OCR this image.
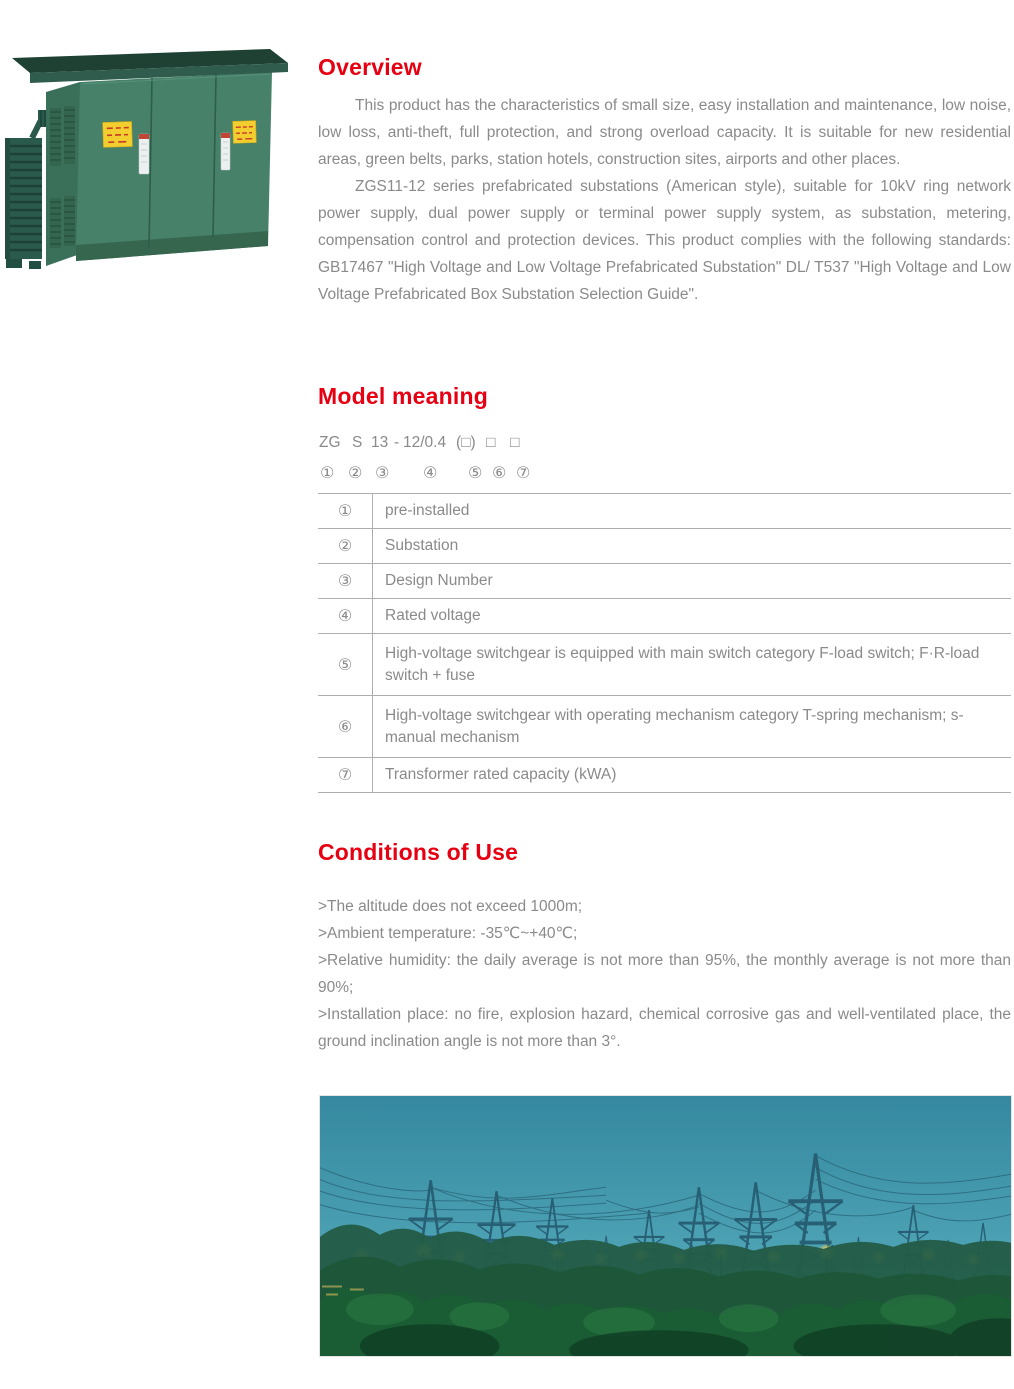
Overview

This product has the characteristics of small size, easy installation and maintenance, low noise, low loss, anti-theft, full protection, and strong overload capacity. It is suitable for new residential areas, green belts, parks, station hotels, construction sites, airports and other places.

ZGS11-12 series prefabricated substations (American style), suitable for 10kV ring network power supply, dual power supply or terminal power supply system, as substation, metering, compensation control and protection devices. This product complies with the following standards: GB17467 "High Voltage and Low Voltage Prefabricated Substation" DL/ T537 "High Voltage and Low Voltage Prefabricated Box Substation Selection Guide".

Model meaning
ZG S 13 - 12/0.4 (□) □ □
① ② ③ ④ ⑤ ⑥ ⑦
①	pre-installed
②	Substation
③	Design Number
④	Rated voltage
⑤	High-voltage switchgear is equipped with main switch category F-load switch; F·R-load switch + fuse
⑥	High-voltage switchgear with operating mechanism category T-spring mechanism; s-manual mechanism
⑦	Transformer rated capacity (kWA)
Conditions of Use

>The altitude does not exceed 1000m;

>Ambient temperature: -35℃~+40℃;

>Relative humidity: the daily average is not more than 95%, the monthly average is not more than 90%;

>Installation place: no fire, explosion hazard, chemical corrosive gas and well-ventilated place, the ground inclination angle is not more than 3°.
